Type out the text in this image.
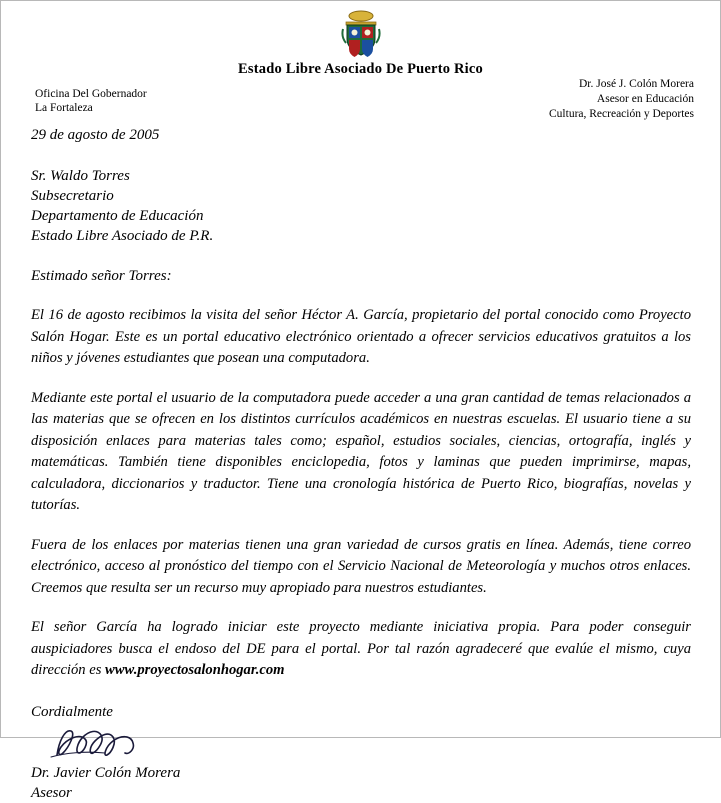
Estado Libre Asociado De Puerto Rico
Oficina Del Gobernador
La Fortaleza
Dr. José J. Colón Morera
Asesor en Educación
Cultura, Recreación y Deportes

29 de agosto de 2005

Sr. Waldo Torres
Subsecretario
Departamento de Educación
Estado Libre Asociado de P.R.

Estimado señor Torres:

El 16 de agosto recibimos la visita del señor Héctor A. García, propietario del portal conocido como Proyecto Salón Hogar. Este es un portal educativo electrónico orientado a ofrecer servicios educativos gratuitos a los niños y jóvenes estudiantes que posean una computadora.

Mediante este portal el usuario de la computadora puede acceder a una gran cantidad de temas relacionados a las materias que se ofrecen en los distintos currículos académicos en nuestras escuelas. El usuario tiene a su disposición enlaces para materias tales como; español, estudios sociales, ciencias, ortografía, inglés y matemáticas. También tiene disponibles enciclopedia, fotos y laminas que pueden imprimirse, mapas, calculadora, diccionarios y traductor. Tiene una cronología histórica de Puerto Rico, biografías, novelas y tutorías.

Fuera de los enlaces por materias tienen una gran variedad de cursos gratis en línea. Además, tiene correo electrónico, acceso al pronóstico del tiempo con el Servicio Nacional de Meteorología y muchos otros enlaces. Creemos que resulta ser un recurso muy apropiado para nuestros estudiantes.

El señor García ha logrado iniciar este proyecto mediante iniciativa propia. Para poder conseguir auspiciadores busca el endoso del DE para el portal. Por tal razón agradeceré que evalúe el mismo, cuya dirección es www.proyectosalonhogar.com

Cordialmente

Dr. Javier Colón Morera

Asesor
